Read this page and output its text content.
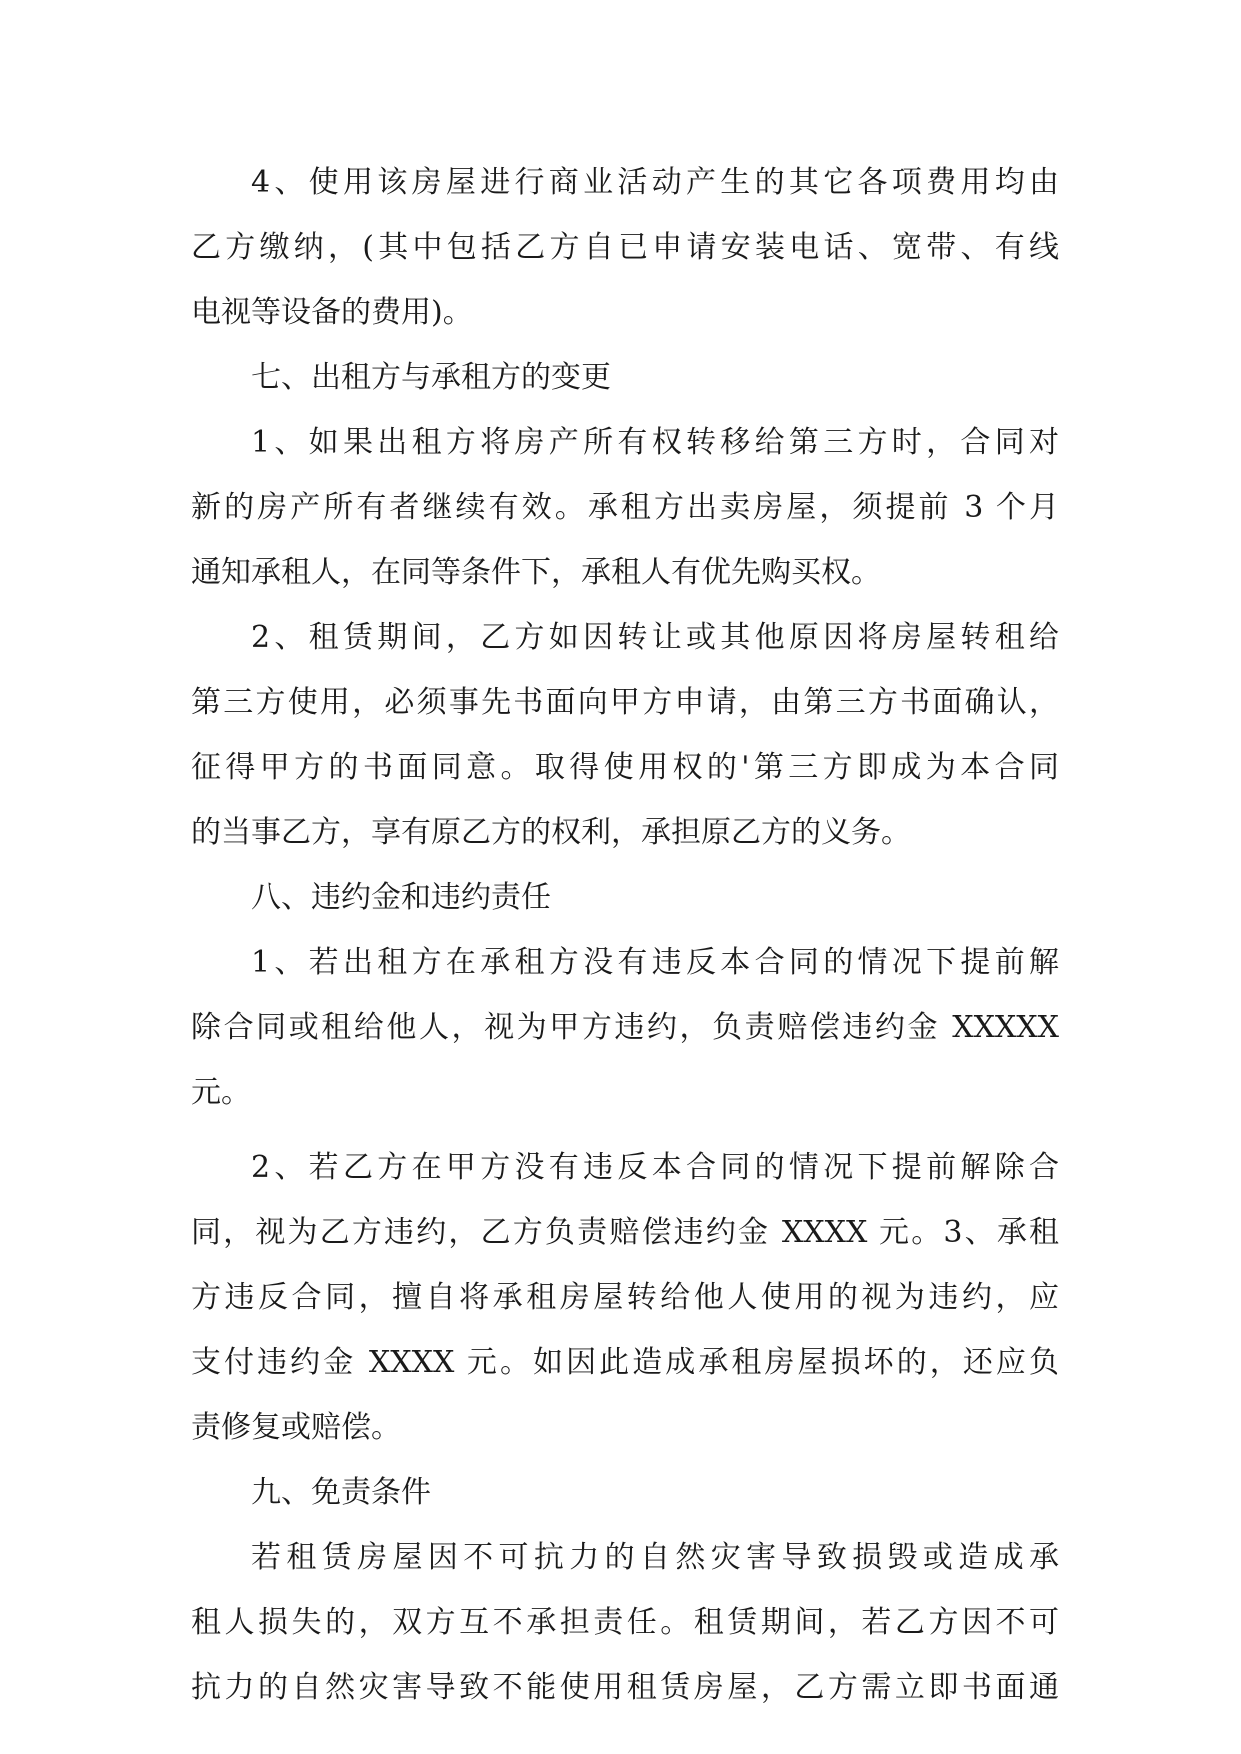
4、使用该房屋进行商业活动产生的其它各项费用均由
乙方缴纳，(其中包括乙方自已申请安装电话、宽带、有线
电视等设备的费用)。
七、出租方与承租方的变更
1、如果出租方将房产所有权转移给第三方时，合同对
新的房产所有者继续有效。承租方出卖房屋，须提前 3 个月
通知承租人，在同等条件下，承租人有优先购买权。
2、租赁期间，乙方如因转让或其他原因将房屋转租给
第三方使用，必须事先书面向甲方申请，由第三方书面确认，
征得甲方的书面同意。取得使用权的'第三方即成为本合同
的当事乙方，享有原乙方的权利，承担原乙方的义务。
八、违约金和违约责任
1、若出租方在承租方没有违反本合同的情况下提前解
除合同或租给他人，视为甲方违约，负责赔偿违约金 XXXXX
元。
2、若乙方在甲方没有违反本合同的情况下提前解除合
同，视为乙方违约，乙方负责赔偿违约金 XXXX 元。3、承租
方违反合同，擅自将承租房屋转给他人使用的视为违约，应
支付违约金 XXXX 元。如因此造成承租房屋损坏的，还应负
责修复或赔偿。
九、免责条件
若租赁房屋因不可抗力的自然灾害导致损毁或造成承
租人损失的，双方互不承担责任。租赁期间，若乙方因不可
抗力的自然灾害导致不能使用租赁房屋，乙方需立即书面通
